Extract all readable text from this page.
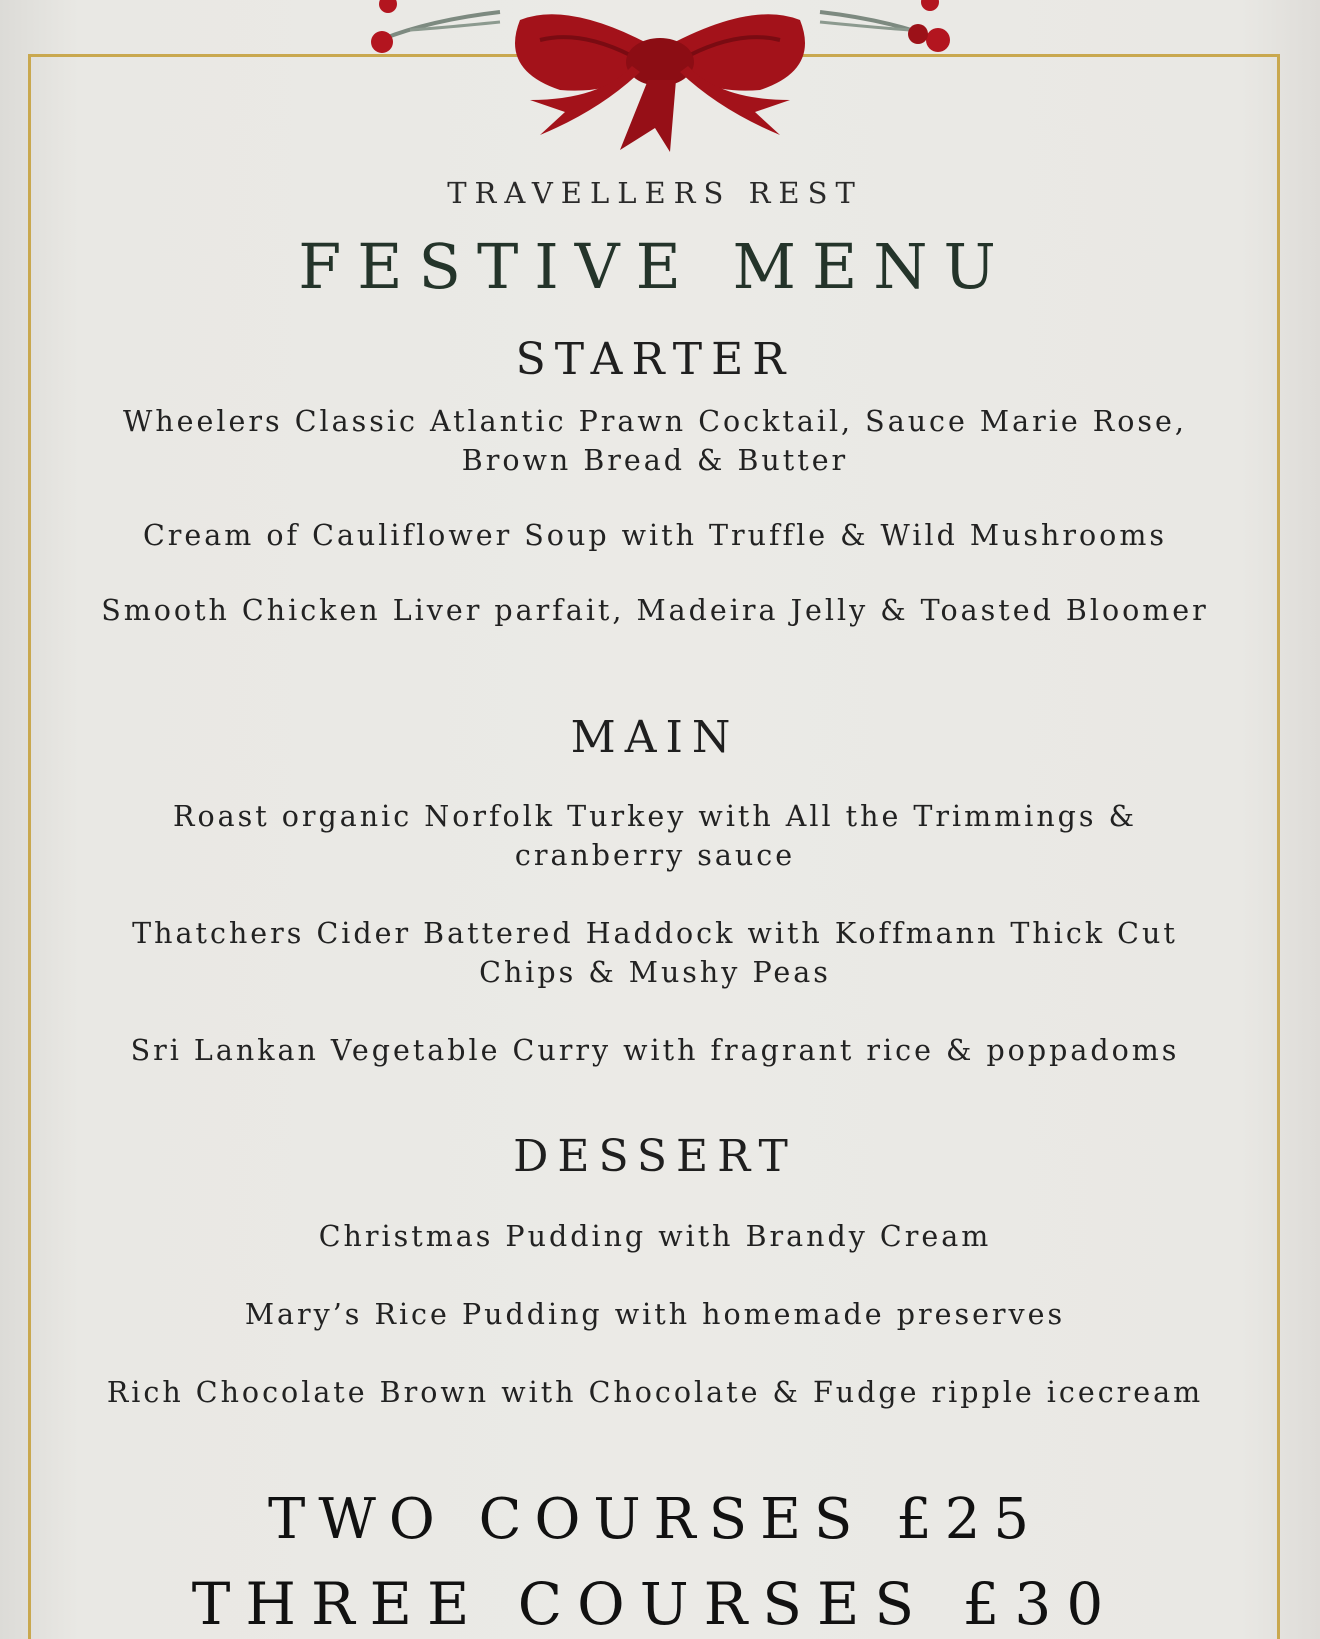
TRAVELLERS REST
FESTIVE MENU
STARTER
Wheelers Classic Atlantic Prawn Cocktail, Sauce Marie Rose, Brown Bread & Butter
Cream of Cauliflower Soup with Truffle & Wild Mushrooms
Smooth Chicken Liver parfait, Madeira Jelly & Toasted Bloomer
MAIN
Roast organic Norfolk Turkey with All the Trimmings & cranberry sauce
Thatchers Cider Battered Haddock with Koffmann Thick Cut Chips & Mushy Peas
Sri Lankan Vegetable Curry with fragrant rice & poppadoms
DESSERT
Christmas Pudding with Brandy Cream
Mary’s Rice Pudding with homemade preserves
Rich Chocolate Brown with Chocolate & Fudge ripple icecream
TWO COURSES £25
THREE COURSES £30
